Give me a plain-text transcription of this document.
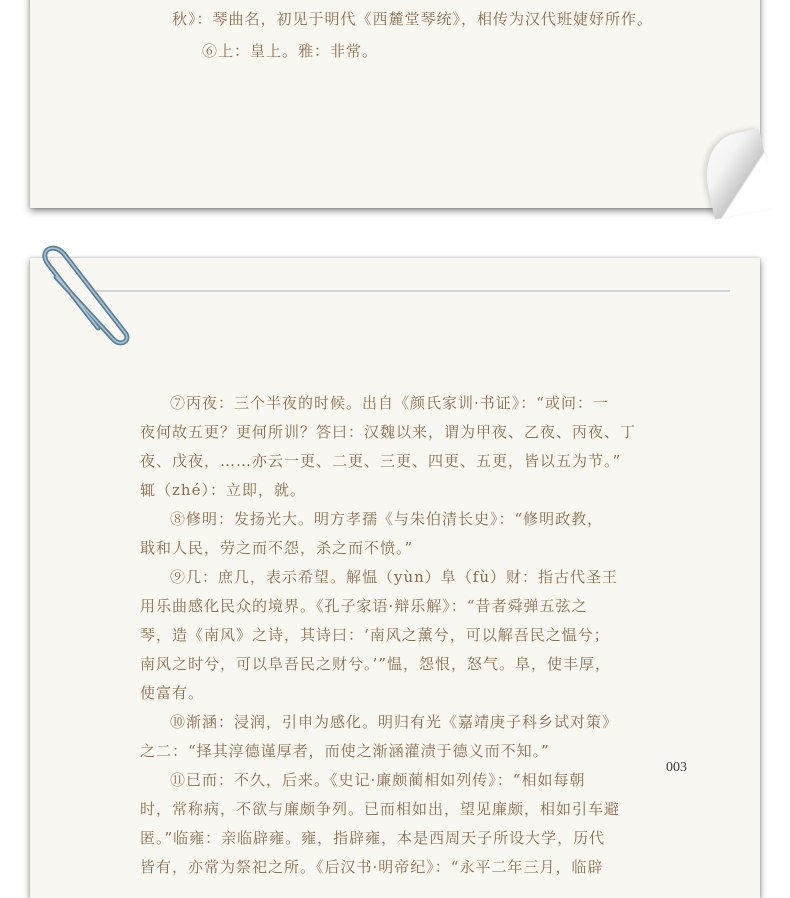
秋》：琴曲名，初见于明代《西麓堂琴统》，相传为汉代班婕妤所作。
⑥上：皇上。雅：非常。
⑦丙夜：三个半夜的时候。出自《颜氏家训·书证》：“或问：一
夜何故五更？更何所训？答曰：汉魏以来，谓为甲夜、乙夜、丙夜、丁
夜、戊夜，……亦云一更、二更、三更、四更、五更，皆以五为节。”
辄（zhé）：立即，就。
⑧修明：发扬光大。明方孝孺《与朱伯清长史》：“修明政教，
戢和人民，劳之而不怨，杀之而不愤。”
⑨几：庶几，表示希望。解愠（yùn）阜（fù）财：指古代圣王
用乐曲感化民众的境界。《孔子家语·辩乐解》：“昔者舜弹五弦之
琴，造《南风》之诗，其诗曰：‘南风之薰兮，可以解吾民之愠兮；
南风之时兮，可以阜吾民之财兮。’”愠，怨恨，怒气。阜，使丰厚，
使富有。
⑩渐涵：浸润，引申为感化。明归有光《嘉靖庚子科乡试对策》
之二：“择其淳德谨厚者，而使之渐涵灌渍于德义而不知。”
⑪已而：不久，后来。《史记·廉颇蔺相如列传》：“相如每朝
时，常称病，不欲与廉颇争列。已而相如出，望见廉颇，相如引车避
匿。”临雍：亲临辟雍。雍，指辟雍，本是西周天子所设大学，历代
皆有，亦常为祭祀之所。《后汉书·明帝纪》：“永平二年三月，临辟
003
